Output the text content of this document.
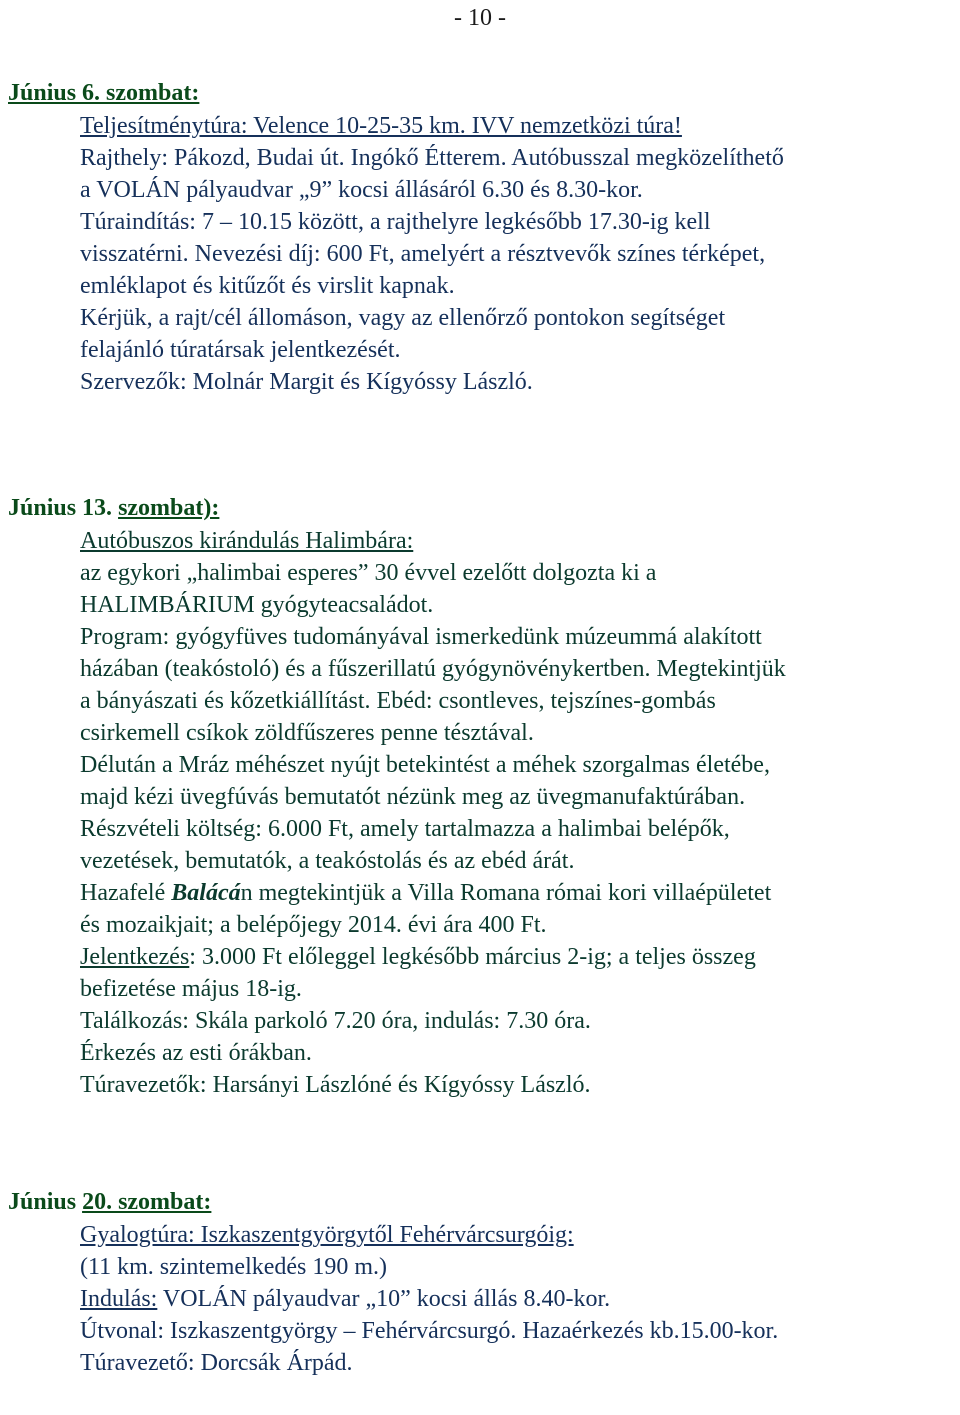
- 10 -
Június 6. szombat:
Teljesítménytúra: Velence 10-25-35 km. IVV nemzetközi túra!
Rajthely: Pákozd, Budai út. Ingókő Étterem. Autóbusszal megközelíthető
a VOLÁN pályaudvar „9” kocsi állásáról 6.30 és 8.30-kor.
Túraindítás: 7 – 10.15 között, a rajthelyre legkésőbb 17.30-ig kell
visszatérni. Nevezési díj: 600 Ft, amelyért a résztvevők színes térképet,
emléklapot és kitűzőt és virslit kapnak.
Kérjük, a rajt/cél állomáson, vagy az ellenőrző pontokon segítséget
felajánló túratársak jelentkezését.
Szervezők: Molnár Margit és Kígyóssy László.
Június 13. szombat):
Autóbuszos kirándulás Halimbára:
az egykori „halimbai esperes” 30 évvel ezelőtt dolgozta ki a
HALIMBÁRIUM gyógyteacsaládot.
Program: gyógyfüves tudományával ismerkedünk múzeummá alakított
házában (teakóstoló) és a fűszerillatú gyógynövénykertben. Megtekintjük
a bányászati és kőzetkiállítást. Ebéd: csontleves, tejszínes-gombás
csirkemell csíkok zöldfűszeres penne tésztával.
Délután a Mráz méhészet nyújt betekintést a méhek szorgalmas életébe,
majd kézi üvegfúvás bemutatót nézünk meg az üvegmanufaktúrában.
Részvételi költség: 6.000 Ft, amely tartalmazza a halimbai belépők,
vezetések, bemutatók, a teakóstolás és az ebéd árát.
Hazafelé Balácán megtekintjük a Villa Romana római kori villaépületet
és mozaikjait; a belépőjegy 2014. évi ára 400 Ft.
Jelentkezés: 3.000 Ft előleggel legkésőbb március 2-ig; a teljes összeg
befizetése május 18-ig.
Találkozás: Skála parkoló 7.20 óra, indulás: 7.30 óra.
Érkezés az esti órákban.
Túravezetők: Harsányi Lászlóné és Kígyóssy László.
Június 20. szombat:
Gyalogtúra: Iszkaszentgyörgytől Fehérvárcsurgóig:
(11 km. szintemelkedés 190 m.)
Indulás: VOLÁN pályaudvar „10” kocsi állás 8.40-kor.
Útvonal: Iszkaszentgyörgy – Fehérvárcsurgó. Hazaérkezés kb.15.00-kor.
Túravezető: Dorcsák Árpád.
